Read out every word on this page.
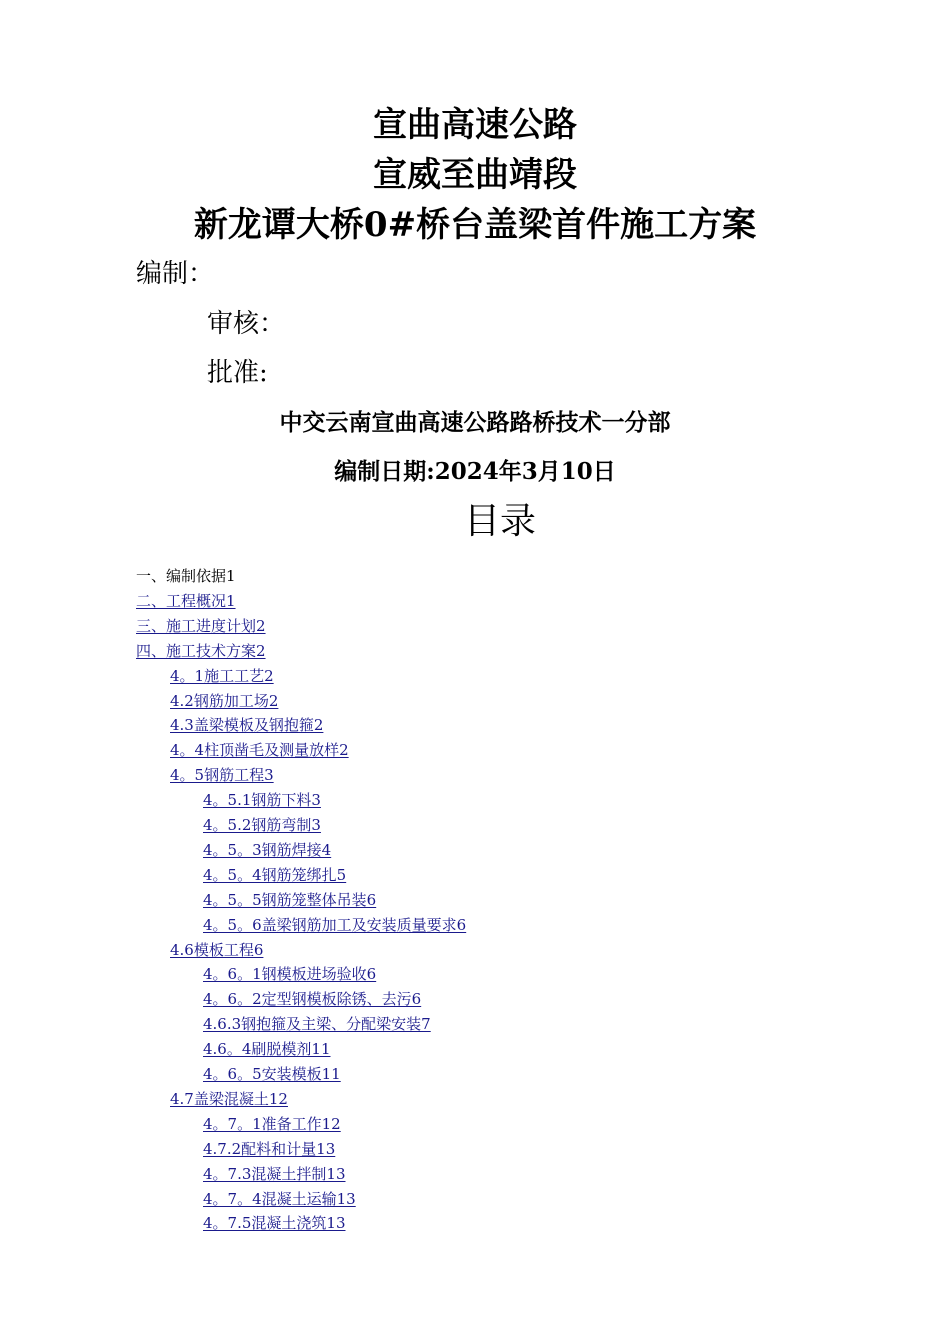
宣曲高速公路
宣威至曲靖段
新龙谭大桥0#桥台盖梁首件施工方案
编制：
审核：
批准:
中交云南宣曲高速公路路桥技术一分部
编制日期:2024年3月10日
目录
一、编制依据1
二、工程概况1
三、施工进度计划2
四、施工技术方案2
4。1施工工艺2
4.2钢筋加工场2
4.3盖梁模板及钢抱箍2
4。4柱顶凿毛及测量放样2
4。5钢筋工程3
4。5.1钢筋下料3
4。5.2钢筋弯制3
4。5。3钢筋焊接4
4。5。4钢筋笼绑扎5
4。5。5钢筋笼整体吊装6
4。5。6盖梁钢筋加工及安装质量要求6
4.6模板工程6
4。6。1钢模板进场验收6
4。6。2定型钢模板除锈、去污6
4.6.3钢抱箍及主梁、分配梁安装7
4.6。4刷脱模剂11
4。6。5安装模板11
4.7盖梁混凝土12
4。7。1准备工作12
4.7.2配料和计量13
4。7.3混凝土拌制13
4。7。4混凝土运输13
4。7.5混凝土浇筑13
